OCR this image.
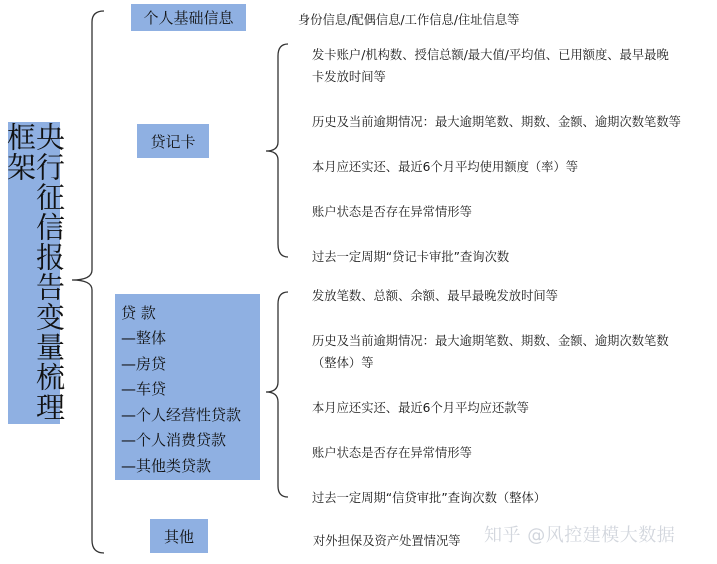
央行征信报告变量梳理框架
个人基础信息
贷记卡
贷 款
—整体
—房贷
—车贷
—个人经营性贷款
—个人消费贷款
—其他类贷款
其他
身份信息/配偶信息/工作信息/住址信息等
发卡账户/机构数、授信总额/最大值/平均值、已用额度、最早最晚
卡发放时间等
历史及当前逾期情况：最大逾期笔数、期数、金额、逾期次数笔数等
本月应还实还、最近6个月平均使用额度（率）等
账户状态是否存在异常情形等
过去一定周期“贷记卡审批”查询次数
发放笔数、总额、余额、最早最晚发放时间等
历史及当前逾期情况：最大逾期笔数、期数、金额、逾期次数笔数
（整体）等
本月应还实还、最近6个月平均应还款等
账户状态是否存在异常情形等
过去一定周期“信贷审批”查询次数（整体）
对外担保及资产处置情况等 知乎 @风控建模大数据
